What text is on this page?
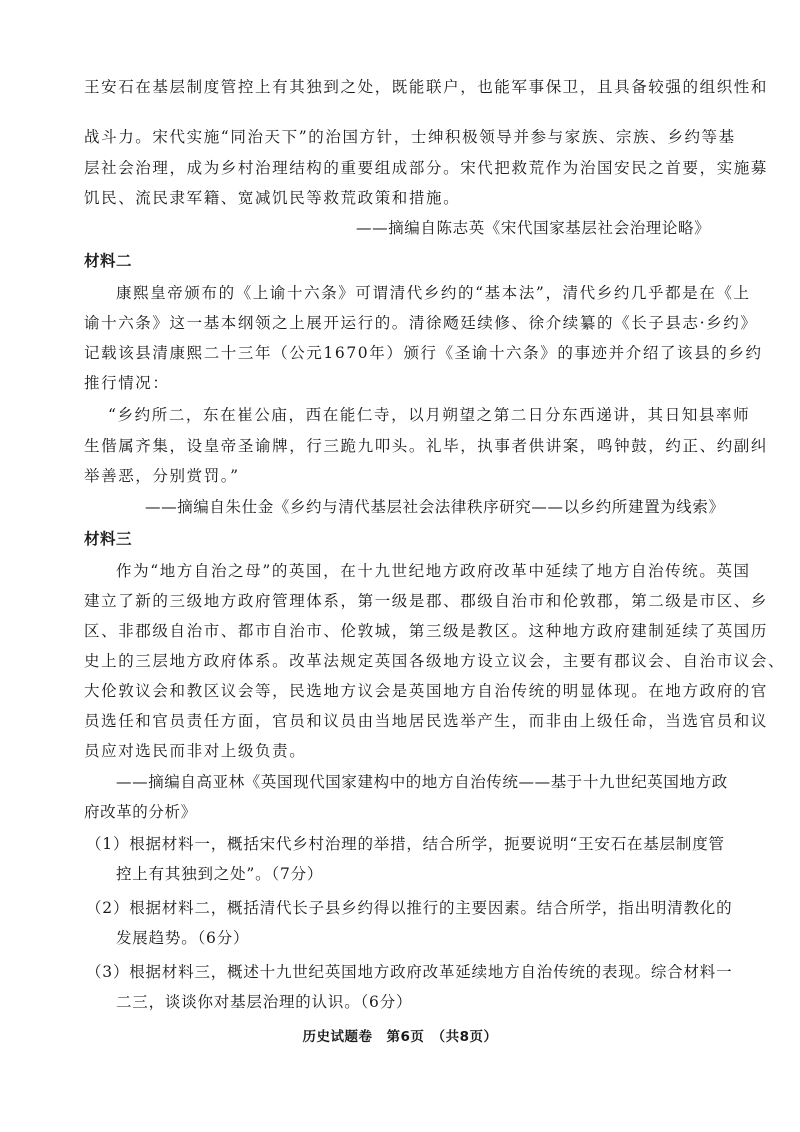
王安石在基层制度管控上有其独到之处，既能联户，也能军事保卫，且具备较强的组织性和
战斗力。宋代实施“同治天下”的治国方针，士绅积极领导并参与家族、宗族、乡约等基
层社会治理，成为乡村治理结构的重要组成部分。宋代把救荒作为治国安民之首要，实施募
饥民、流民隶军籍、宽减饥民等救荒政策和措施。
——摘编自陈志英《宋代国家基层社会治理论略》
材料二
康熙皇帝颁布的《上谕十六条》可谓清代乡约的“基本法”，清代乡约几乎都是在《上
谕十六条》这一基本纲领之上展开运行的。清徐飏廷续修、徐介续纂的《长子县志·乡约》
记载该县清康熙二十三年（公元1670年）颁行《圣谕十六条》的事迹并介绍了该县的乡约
推行情况：
“乡约所二，东在崔公庙，西在能仁寺，以月朔望之第二日分东西递讲，其日知县率师
生偕属齐集，设皇帝圣谕牌，行三跪九叩头。礼毕，执事者供讲案，鸣钟鼓，约正、约副纠
举善恶，分别赏罚。”
——摘编自朱仕金《乡约与清代基层社会法律秩序研究——以乡约所建置为线索》
材料三
作为“地方自治之母”的英国，在十九世纪地方政府改革中延续了地方自治传统。英国
建立了新的三级地方政府管理体系，第一级是郡、郡级自治市和伦敦郡，第二级是市区、乡
区、非郡级自治市、都市自治市、伦敦城，第三级是教区。这种地方政府建制延续了英国历
史上的三层地方政府体系。改革法规定英国各级地方设立议会，主要有郡议会、自治市议会、
大伦敦议会和教区议会等，民选地方议会是英国地方自治传统的明显体现。在地方政府的官
员选任和官员责任方面，官员和议员由当地居民选举产生，而非由上级任命，当选官员和议
员应对选民而非对上级负责。
——摘编自高亚林《英国现代国家建构中的地方自治传统——基于十九世纪英国地方政
府改革的分析》
（1）根据材料一，概括宋代乡村治理的举措，结合所学，扼要说明“王安石在基层制度管
控上有其独到之处”。（7分）
（2）根据材料二，概括清代长子县乡约得以推行的主要因素。结合所学，指出明清教化的
发展趋势。（6分）
（3）根据材料三，概述十九世纪英国地方政府改革延续地方自治传统的表现。综合材料一
二三，谈谈你对基层治理的认识。（6分）
历史试题卷　第6页　（共8页）
